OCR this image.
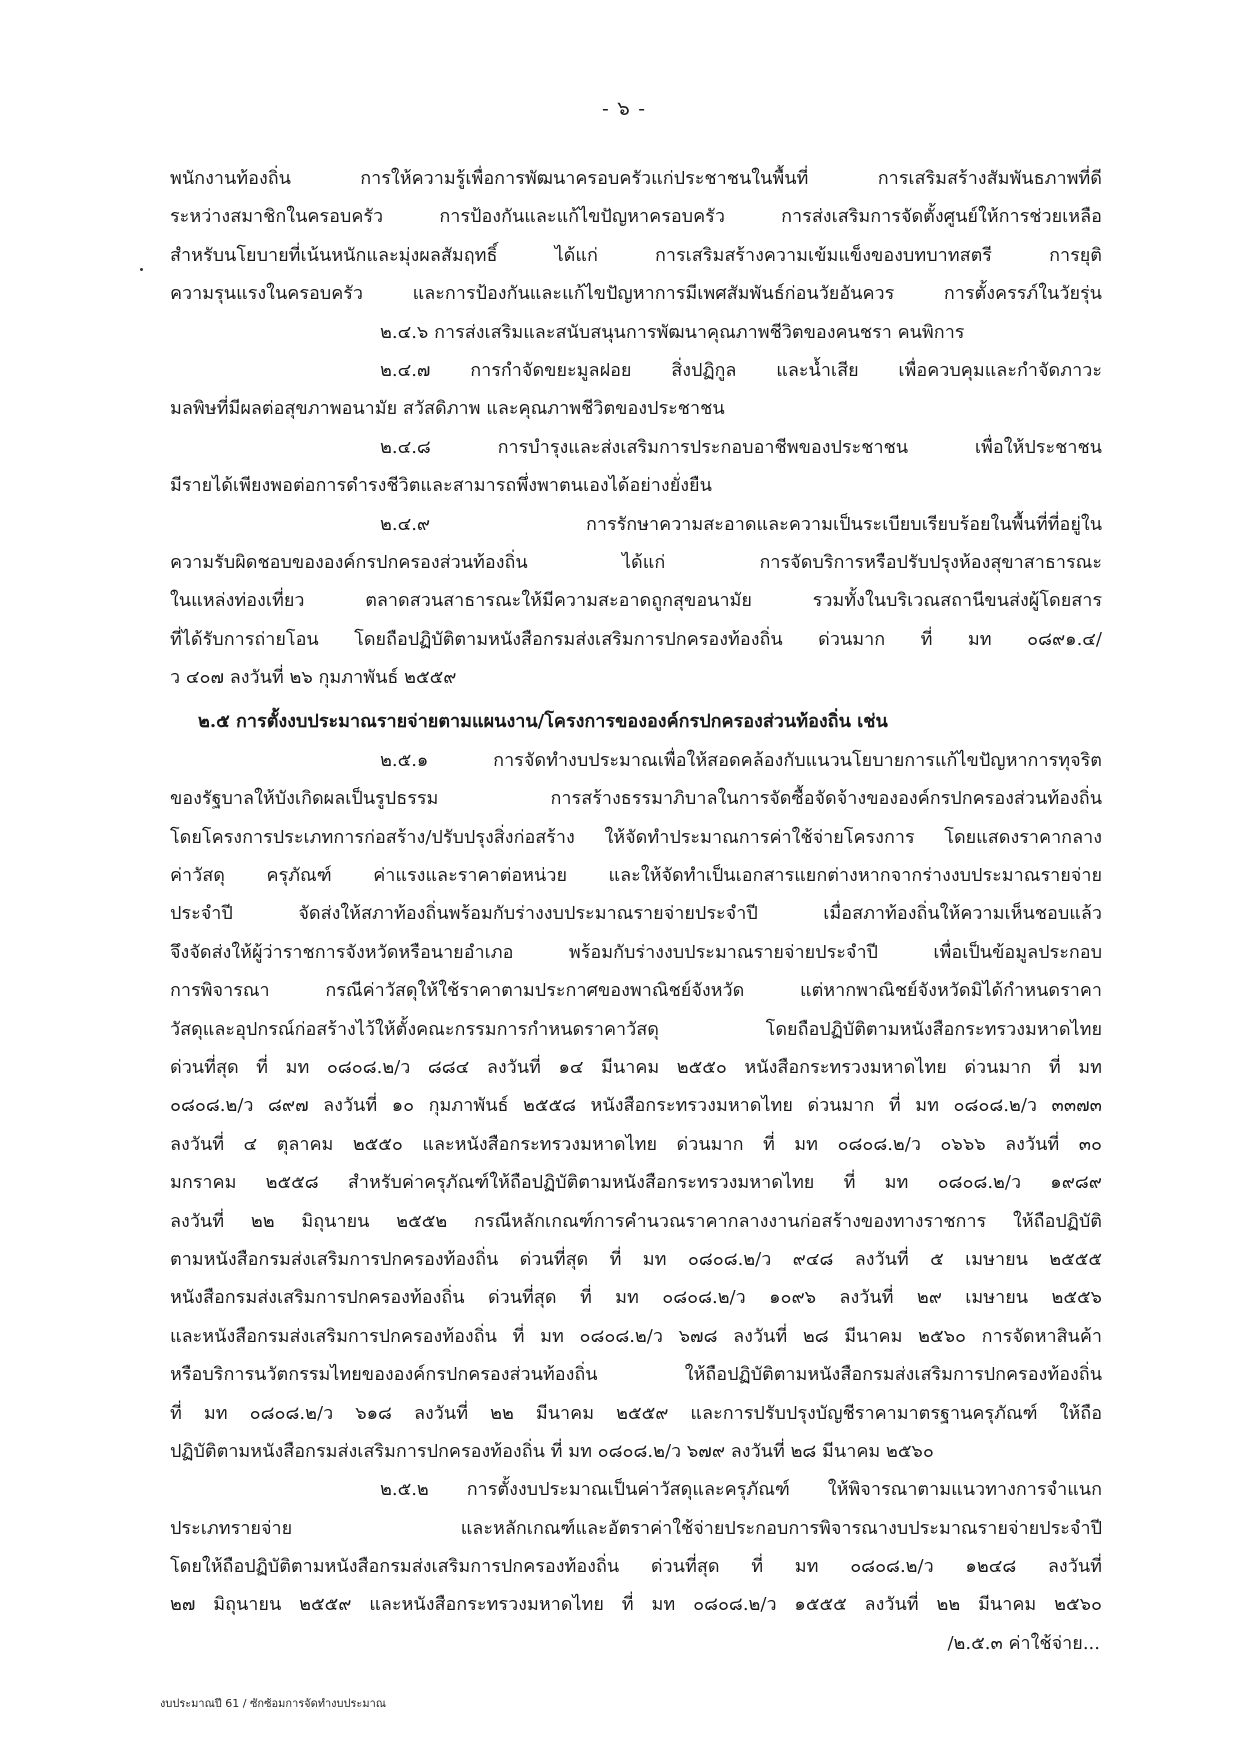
- ๖ -
พนักงานท้องถิ่น การให้ความรู้เพื่อการพัฒนาครอบครัวแก่ประชาชนในพื้นที่ การเสริมสร้างสัมพันธภาพที่ดี
ระหว่างสมาชิกในครอบครัว การป้องกันและแก้ไขปัญหาครอบครัว การส่งเสริมการจัดตั้งศูนย์ให้การช่วยเหลือ
สำหรับนโยบายที่เน้นหนักและมุ่งผลสัมฤทธิ์ ได้แก่ การเสริมสร้างความเข้มแข็งของบทบาทสตรี การยุติ
ความรุนแรงในครอบครัว และการป้องกันและแก้ไขปัญหาการมีเพศสัมพันธ์ก่อนวัยอันควร การตั้งครรภ์ในวัยรุ่น
๒.๔.๖ การส่งเสริมและสนับสนุนการพัฒนาคุณภาพชีวิตของคนชรา คนพิการ
๒.๔.๗ การกำจัดขยะมูลฝอย สิ่งปฏิกูล และน้ำเสีย เพื่อควบคุมและกำจัดภาวะ
มลพิษที่มีผลต่อสุขภาพอนามัย สวัสดิภาพ และคุณภาพชีวิตของประชาชน
๒.๔.๘ การบำรุงและส่งเสริมการประกอบอาชีพของประชาชน เพื่อให้ประชาชน
มีรายได้เพียงพอต่อการดำรงชีวิตและสามารถพึ่งพาตนเองได้อย่างยั่งยืน
๒.๔.๙ การรักษาความสะอาดและความเป็นระเบียบเรียบร้อยในพื้นที่ที่อยู่ใน
ความรับผิดชอบขององค์กรปกครองส่วนท้องถิ่น ได้แก่ การจัดบริการหรือปรับปรุงห้องสุขาสาธารณะ
ในแหล่งท่องเที่ยว ตลาดสวนสาธารณะให้มีความสะอาดถูกสุขอนามัย รวมทั้งในบริเวณสถานีขนส่งผู้โดยสาร
ที่ได้รับการถ่ายโอน โดยถือปฏิบัติตามหนังสือกรมส่งเสริมการปกครองท้องถิ่น ด่วนมาก ที่ มท ๐๘๙๑.๔/
ว ๔๐๗ ลงวันที่ ๒๖ กุมภาพันธ์ ๒๕๕๙
๒.๕ การตั้งงบประมาณรายจ่ายตามแผนงาน/โครงการขององค์กรปกครองส่วนท้องถิ่น เช่น
๒.๕.๑ การจัดทำงบประมาณเพื่อให้สอดคล้องกับแนวนโยบายการแก้ไขปัญหาการทุจริต
ของรัฐบาลให้บังเกิดผลเป็นรูปธรรม การสร้างธรรมาภิบาลในการจัดซื้อจัดจ้างขององค์กรปกครองส่วนท้องถิ่น
โดยโครงการประเภทการก่อสร้าง/ปรับปรุงสิ่งก่อสร้าง ให้จัดทำประมาณการค่าใช้จ่ายโครงการ โดยแสดงราคากลาง
ค่าวัสดุ ครุภัณฑ์ ค่าแรงและราคาต่อหน่วย และให้จัดทำเป็นเอกสารแยกต่างหากจากร่างงบประมาณรายจ่าย
ประจำปี จัดส่งให้สภาท้องถิ่นพร้อมกับร่างงบประมาณรายจ่ายประจำปี เมื่อสภาท้องถิ่นให้ความเห็นชอบแล้ว
จึงจัดส่งให้ผู้ว่าราชการจังหวัดหรือนายอำเภอ พร้อมกับร่างงบประมาณรายจ่ายประจำปี เพื่อเป็นข้อมูลประกอบ
การพิจารณา กรณีค่าวัสดุให้ใช้ราคาตามประกาศของพาณิชย์จังหวัด แต่หากพาณิชย์จังหวัดมิได้กำหนดราคา
วัสดุและอุปกรณ์ก่อสร้างไว้ให้ตั้งคณะกรรมการกำหนดราคาวัสดุ โดยถือปฏิบัติตามหนังสือกระทรวงมหาดไทย
ด่วนที่สุด ที่ มท ๐๘๐๘.๒/ว ๘๘๔ ลงวันที่ ๑๔ มีนาคม ๒๕๕๐ หนังสือกระทรวงมหาดไทย ด่วนมาก ที่ มท
๐๘๐๘.๒/ว ๘๙๗ ลงวันที่ ๑๐ กุมภาพันธ์ ๒๕๕๘ หนังสือกระทรวงมหาดไทย ด่วนมาก ที่ มท ๐๘๐๘.๒/ว ๓๓๗๓
ลงวันที่ ๔ ตุลาคม ๒๕๕๐ และหนังสือกระทรวงมหาดไทย ด่วนมาก ที่ มท ๐๘๐๘.๒/ว ๐๖๖๖ ลงวันที่ ๓๐
มกราคม ๒๕๕๘ สำหรับค่าครุภัณฑ์ให้ถือปฏิบัติตามหนังสือกระทรวงมหาดไทย ที่ มท ๐๘๐๘.๒/ว ๑๙๘๙
ลงวันที่ ๒๒ มิถุนายน ๒๕๕๒ กรณีหลักเกณฑ์การคำนวณราคากลางงานก่อสร้างของทางราชการ ให้ถือปฏิบัติ
ตามหนังสือกรมส่งเสริมการปกครองท้องถิ่น ด่วนที่สุด ที่ มท ๐๘๐๘.๒/ว ๙๔๘ ลงวันที่ ๕ เมษายน ๒๕๕๕
หนังสือกรมส่งเสริมการปกครองท้องถิ่น ด่วนที่สุด ที่ มท ๐๘๐๘.๒/ว ๑๐๙๖ ลงวันที่ ๒๙ เมษายน ๒๕๕๖
และหนังสือกรมส่งเสริมการปกครองท้องถิ่น ที่ มท ๐๘๐๘.๒/ว ๖๗๘ ลงวันที่ ๒๘ มีนาคม ๒๕๖๐ การจัดหาสินค้า
หรือบริการนวัตกรรมไทยขององค์กรปกครองส่วนท้องถิ่น ให้ถือปฏิบัติตามหนังสือกรมส่งเสริมการปกครองท้องถิ่น
ที่ มท ๐๘๐๘.๒/ว ๖๑๘ ลงวันที่ ๒๒ มีนาคม ๒๕๕๙ และการปรับปรุงบัญชีราคามาตรฐานครุภัณฑ์ ให้ถือ
ปฏิบัติตามหนังสือกรมส่งเสริมการปกครองท้องถิ่น ที่ มท ๐๘๐๘.๒/ว ๖๗๙ ลงวันที่ ๒๘ มีนาคม ๒๕๖๐
๒.๕.๒ การตั้งงบประมาณเป็นค่าวัสดุและครุภัณฑ์ ให้พิจารณาตามแนวทางการจำแนก
ประเภทรายจ่าย และหลักเกณฑ์และอัตราค่าใช้จ่ายประกอบการพิจารณางบประมาณรายจ่ายประจำปี
โดยให้ถือปฏิบัติตามหนังสือกรมส่งเสริมการปกครองท้องถิ่น ด่วนที่สุด ที่ มท ๐๘๐๘.๒/ว ๑๒๔๘ ลงวันที่
๒๗ มิถุนายน ๒๕๕๙ และหนังสือกระทรวงมหาดไทย ที่ มท ๐๘๐๘.๒/ว ๑๕๕๕ ลงวันที่ ๒๒ มีนาคม ๒๕๖๐
/๒.๕.๓ ค่าใช้จ่าย...
งบประมาณปี 61 / ซักซ้อมการจัดทำงบประมาณ
